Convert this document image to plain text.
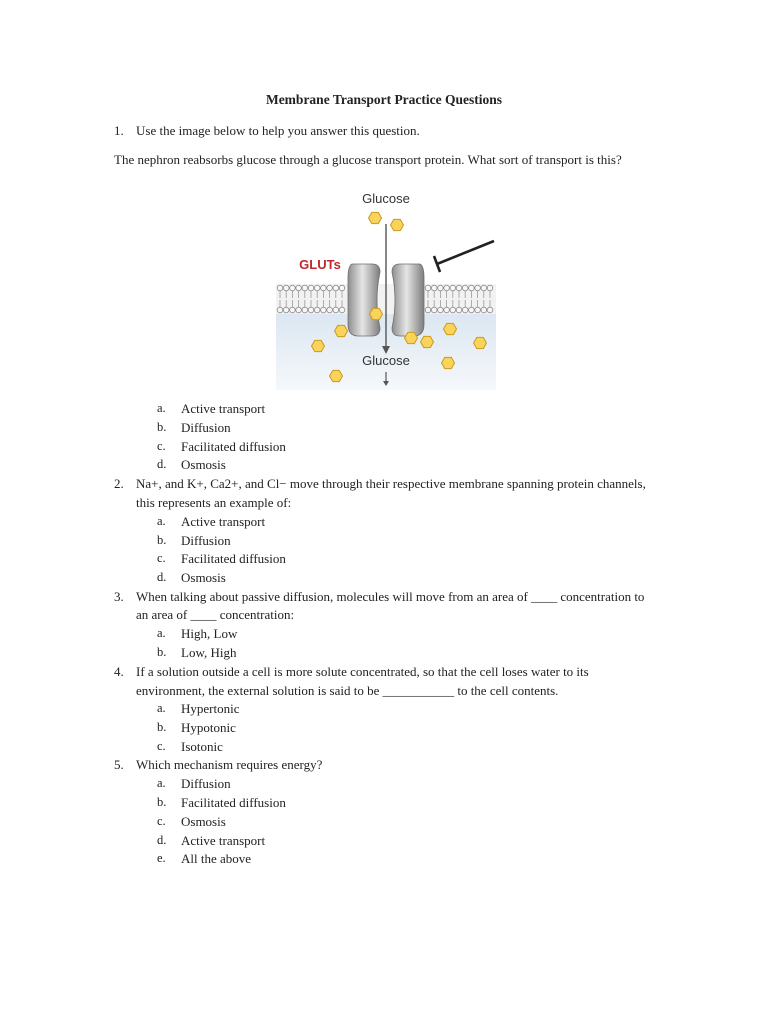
Membrane Transport Practice Questions
1. Use the image below to help you answer this question.
The nephron reabsorbs glucose through a glucose transport protein. What sort of transport is this?
Glucose
GLUTs
Glucose
a. Active transport
b. Diffusion
c. Facilitated diffusion
d. Osmosis
2. Na+, and K+, Ca2+, and Cl− move through their respective membrane spanning protein channels,
this represents an example of:
a. Active transport
b. Diffusion
c. Facilitated diffusion
d. Osmosis
3. When talking about passive diffusion, molecules will move from an area of ____ concentration to
an area of ____ concentration:
a. High, Low
b. Low, High
4. If a solution outside a cell is more solute concentrated, so that the cell loses water to its
environment, the external solution is said to be ___________ to the cell contents.
a. Hypertonic
b. Hypotonic
c. Isotonic
5. Which mechanism requires energy?
a. Diffusion
b. Facilitated diffusion
c. Osmosis
d. Active transport
e. All the above
